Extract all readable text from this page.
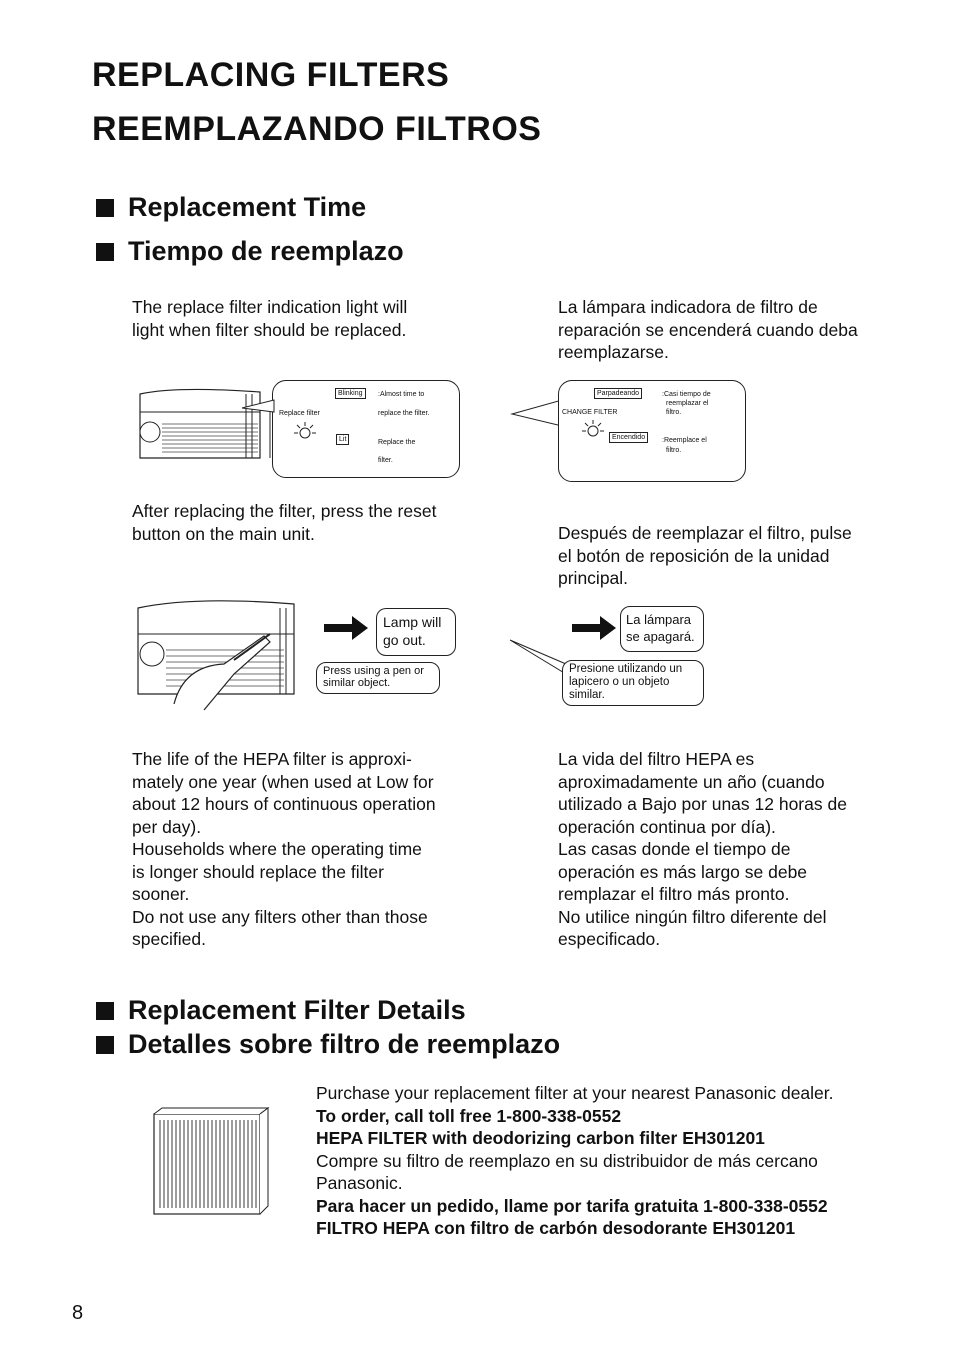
REPLACING FILTERS
REEMPLAZANDO FILTROS
Replacement Time
Tiempo de reemplazo
The replace filter indication light will
light when filter should be replaced.
La lámpara indicadora de filtro de
reparación se encenderá cuando deba
reemplazarse.
Blinking	:Almost time to
Replace filter	replace the filter.
Lit	Replace the
filter.
Parpadeando	:Casi tiempo de
reemplazar el
filtro.
CHANGE FILTER
Encendido	:Reemplace el
filtro.
After replacing the filter, press the reset
button on the main unit.	Después de reemplazar el filtro, pulse
el botón de reposición de la unidad
principal.
Lamp will
go out.
Press using a pen or
similar object.
La lámpara
se apagará.
Presione utilizando un
lapicero o un objeto
similar.
The life of the HEPA filter is approxi-
mately one year (when used at Low for
about 12 hours of continuous operation
per day).
Households where the operating time
is longer should replace the filter
sooner.
Do not use any filters other than those
specified.
La vida del filtro HEPA es
aproximadamente un año (cuando
utilizado a Bajo por unas 12 horas de
operación continua por día).
Las casas donde el tiempo de
operación es más largo se debe
remplazar el filtro más pronto.
No utilice ningún filtro diferente del
especificado.
Replacement Filter Details
Detalles sobre filtro de reemplazo
Purchase your replacement filter at your nearest Panasonic dealer.
To order, call toll free 1-800-338-0552
HEPA FILTER with deodorizing carbon filter EH301201
Compre su filtro de reemplazo en su distribuidor de más cercano
Panasonic.
Para hacer un pedido, llame por tarifa gratuita 1-800-338-0552
FILTRO HEPA con filtro de carbón desodorante EH301201
8
